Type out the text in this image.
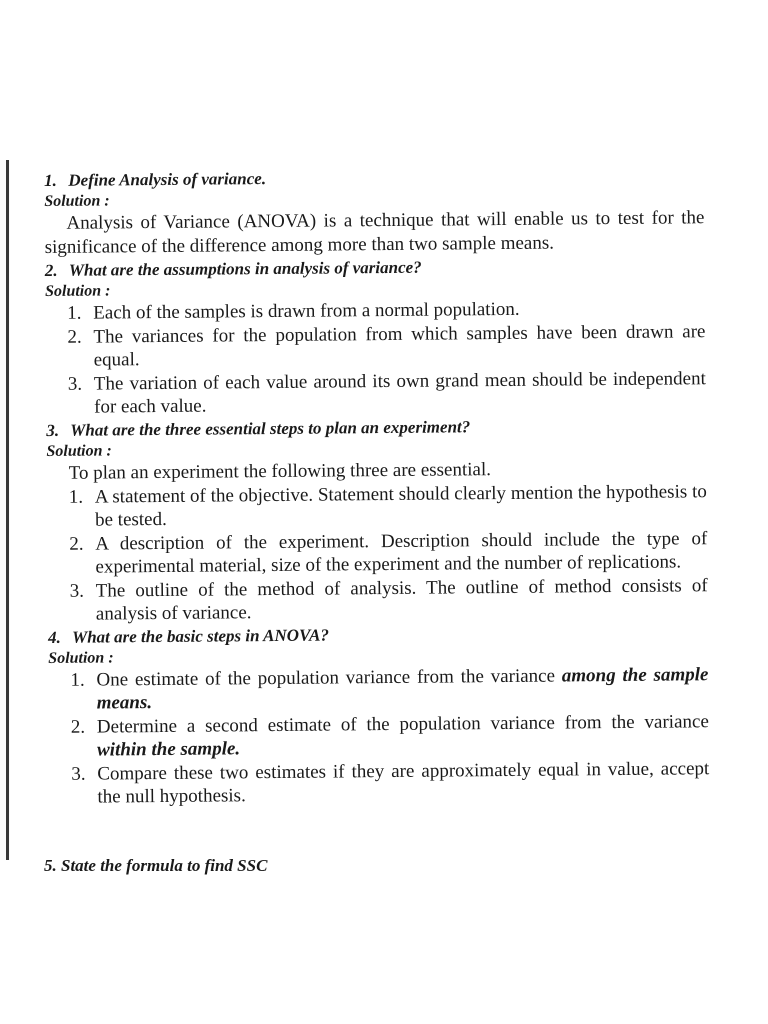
1. Define Analysis of variance.

Solution :

Analysis of Variance (ANOVA) is a technique that will enable us to test for the significance of the difference among more than two sample means.

2. What are the assumptions in analysis of variance?

Solution :

1. Each of the samples is drawn from a normal population.
2. The variances for the population from which samples have been drawn are equal.
3. The variation of each value around its own grand mean should be independent for each value.

3. What are the three essential steps to plan an experiment?

Solution :

To plan an experiment the following three are essential.

1. A statement of the objective. Statement should clearly mention the hypothesis to be tested.
2. A description of the experiment. Description should include the type of experimental material, size of the experiment and the number of replications.
3. The outline of the method of analysis. The outline of method consists of analysis of variance.

4. What are the basic steps in ANOVA?

Solution :

1. One estimate of the population variance from the variance among the sample means.
2. Determine a second estimate of the population variance from the variance within the sample.
3. Compare these two estimates if they are approximately equal in value, accept the null hypothesis.
5. State the formula to find SSC
